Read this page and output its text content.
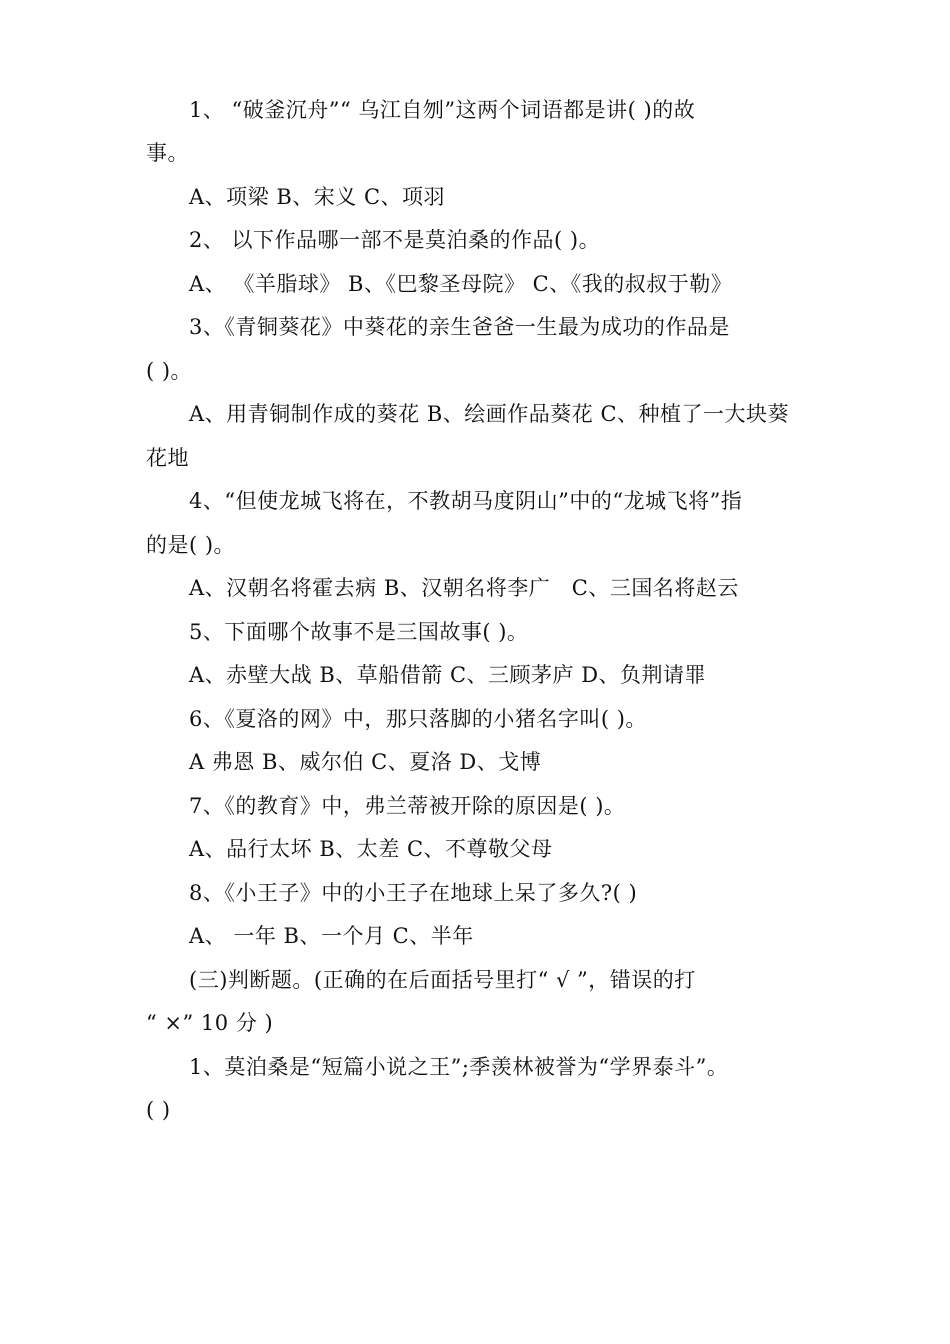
1、 “破釜沉舟”“ 乌江自刎”这两个词语都是讲( )的故
事。
A、项梁 B、宋义 C、项羽
2、 以下作品哪一部不是莫泊桑的作品( )。
A、 《羊脂球》 B、《巴黎圣母院》 C、《我的叔叔于勒》
3、《青铜葵花》中葵花的亲生爸爸一生最为成功的作品是
( )。
A、用青铜制作成的葵花 B、绘画作品葵花 C、种植了一大块葵
花地
4、“但使龙城飞将在，不教胡马度阴山”中的“龙城飞将”指
的是( )。
A、汉朝名将霍去病 B、汉朝名将李广   C、三国名将赵云
5、下面哪个故事不是三国故事( )。
A、赤壁大战 B、草船借箭 C、三顾茅庐 D、负荆请罪
6、《夏洛的网》中，那只落脚的小猪名字叫( )。
A 弗恩 B、威尔伯 C、夏洛 D、戈博
7、《的教育》中，弗兰蒂被开除的原因是( )。
A、品行太坏 B、太差 C、不尊敬父母
8、《小王子》中的小王子在地球上呆了多久?( )
A、 一年 B、一个月 C、半年
(三)判断题。(正确的在后面括号里打“ √ ”，错误的打
“ ×” 10 分 )
1、莫泊桑是“短篇小说之王”;季羡林被誉为“学界泰斗”。
( )
